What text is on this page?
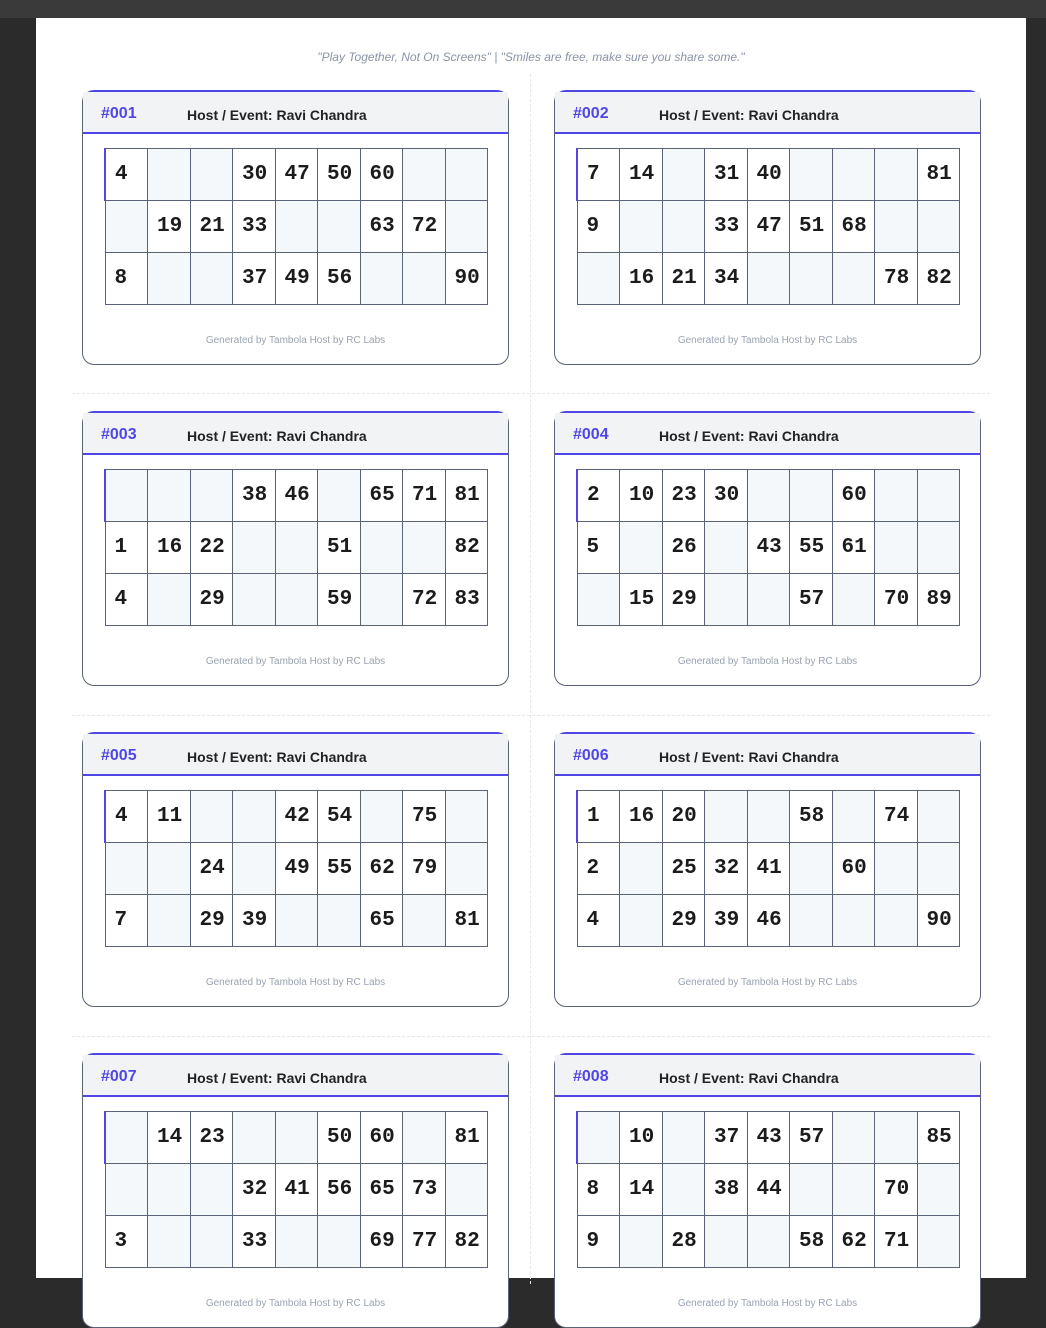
"Play Together, Not On Screens" | "Smiles are free, make sure you share some."
#001	Host / Event: Ravi Chandra
4			30	47	50	60		
	19	21	33			63	72	
8			37	49	56			90
Generated by Tambola Host by RC Labs
#002	Host / Event: Ravi Chandra
7	14		31	40				81
9			33	47	51	68		
	16	21	34				78	82
Generated by Tambola Host by RC Labs
#003	Host / Event: Ravi Chandra
			38	46		65	71	81
1	16	22			51			82
4		29			59		72	83
Generated by Tambola Host by RC Labs
#004	Host / Event: Ravi Chandra
2	10	23	30			60		
5		26		43	55	61		
	15	29			57		70	89
Generated by Tambola Host by RC Labs
#005	Host / Event: Ravi Chandra
4	11			42	54		75	
		24		49	55	62	79	
7		29	39			65		81
Generated by Tambola Host by RC Labs
#006	Host / Event: Ravi Chandra
1	16	20			58		74	
2		25	32	41		60		
4		29	39	46				90
Generated by Tambola Host by RC Labs
#007	Host / Event: Ravi Chandra
	14	23			50	60		81
			32	41	56	65	73	
3			33			69	77	82
Generated by Tambola Host by RC Labs
#008	Host / Event: Ravi Chandra
	10		37	43	57			85
8	14		38	44			70	
9		28			58	62	71	
Generated by Tambola Host by RC Labs
